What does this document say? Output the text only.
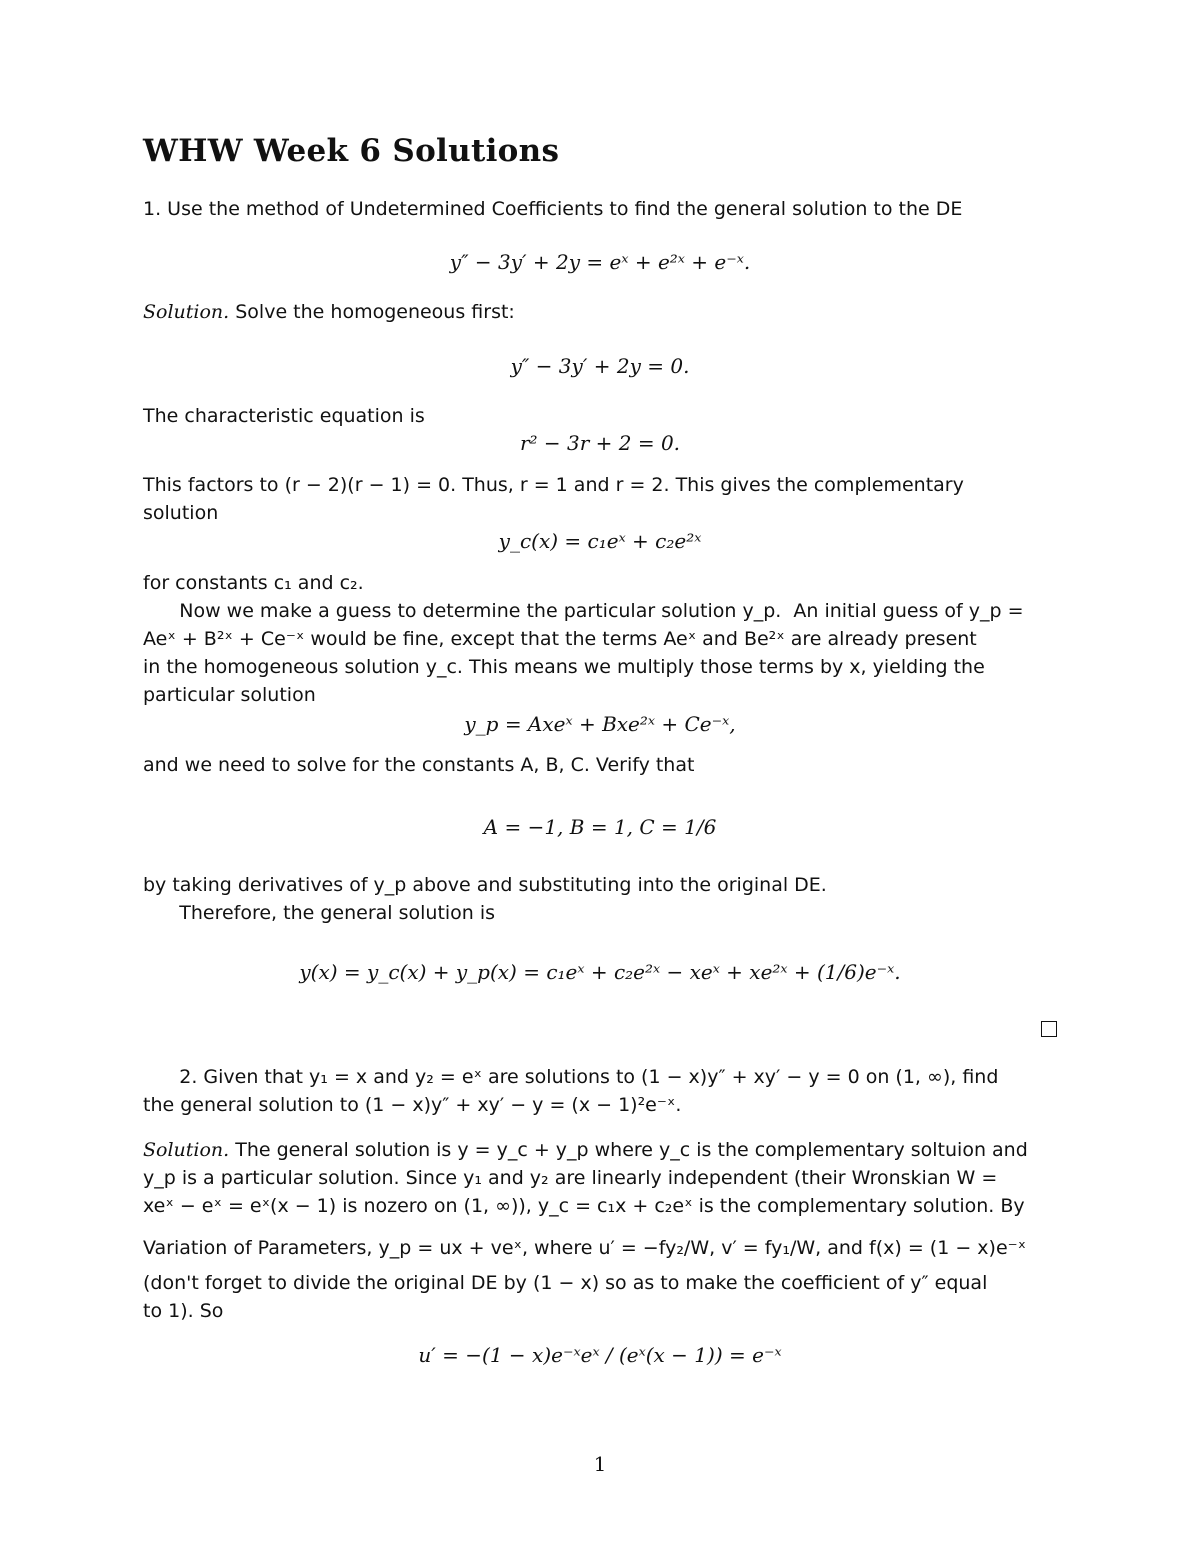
WHW Week 6 Solutions
1. Use the method of Undetermined Coefficients to find the general solution to the DE
y″ − 3y′ + 2y = eˣ + e²ˣ + e⁻ˣ.
Solution. Solve the homogeneous first:
y″ − 3y′ + 2y = 0.
The characteristic equation is
r² − 3r + 2 = 0.
This factors to (r − 2)(r − 1) = 0. Thus, r = 1 and r = 2. This gives the complementary
solution
y_c(x) = c₁eˣ + c₂e²ˣ
for constants c₁ and c₂.
Now we make a guess to determine the particular solution y_p.  An initial guess of y_p =
Aeˣ + B²ˣ + Ce⁻ˣ would be fine, except that the terms Aeˣ and Be²ˣ are already present
in the homogeneous solution y_c. This means we multiply those terms by x, yielding the
particular solution
y_p = Axeˣ + Bxe²ˣ + Ce⁻ˣ,
and we need to solve for the constants A, B, C. Verify that
A = −1, B = 1, C = 1/6
by taking derivatives of y_p above and substituting into the original DE.
Therefore, the general solution is
y(x) = y_c(x) + y_p(x) = c₁eˣ + c₂e²ˣ − xeˣ + xe²ˣ + (1/6)e⁻ˣ.
2. Given that y₁ = x and y₂ = eˣ are solutions to (1 − x)y″ + xy′ − y = 0 on (1, ∞), find
the general solution to (1 − x)y″ + xy′ − y = (x − 1)²e⁻ˣ.
Solution. The general solution is y = y_c + y_p where y_c is the complementary soltuion and
y_p is a particular solution. Since y₁ and y₂ are linearly independent (their Wronskian W =
xeˣ − eˣ = eˣ(x − 1) is nozero on (1, ∞)), y_c = c₁x + c₂eˣ is the complementary solution. By
Variation of Parameters, y_p = ux + veˣ, where u′ = −fy₂/W, v′ = fy₁/W, and f(x) = (1 − x)e⁻ˣ
(don't forget to divide the original DE by (1 − x) so as to make the coefficient of y″ equal
to 1). So
u′ = −(1 − x)e⁻ˣeˣ / (eˣ(x − 1)) = e⁻ˣ
1
